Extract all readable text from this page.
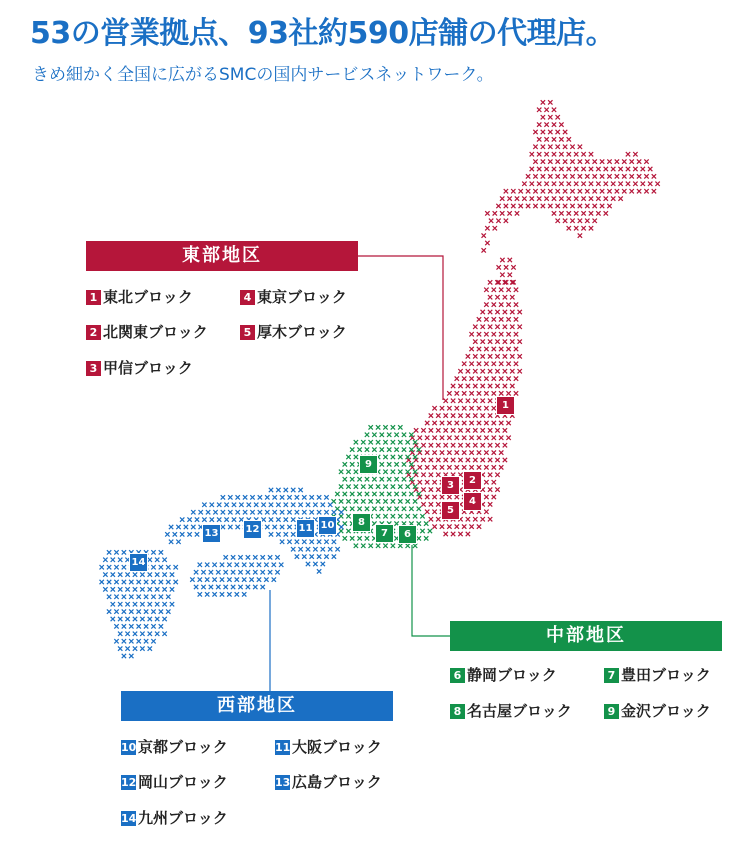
53の営業拠点、93社約590店舗の代理店。
きめ細かく全国に広がるSMCの国内サービスネットワーク。
東部地区
1 東北ブロック	4 東京ブロック
2 北関東ブロック	5 厚木ブロック
3 甲信ブロック
中部地区
6 静岡ブロック	7 豊田ブロック
8 名古屋ブロック	9 金沢ブロック
西部地区
10 京都ブロック	11 大阪ブロック
12 岡山ブロック	13 広島ブロック
14 九州ブロック
1
2
3
4
5
6
7
8
9
10
11
12
13
14
